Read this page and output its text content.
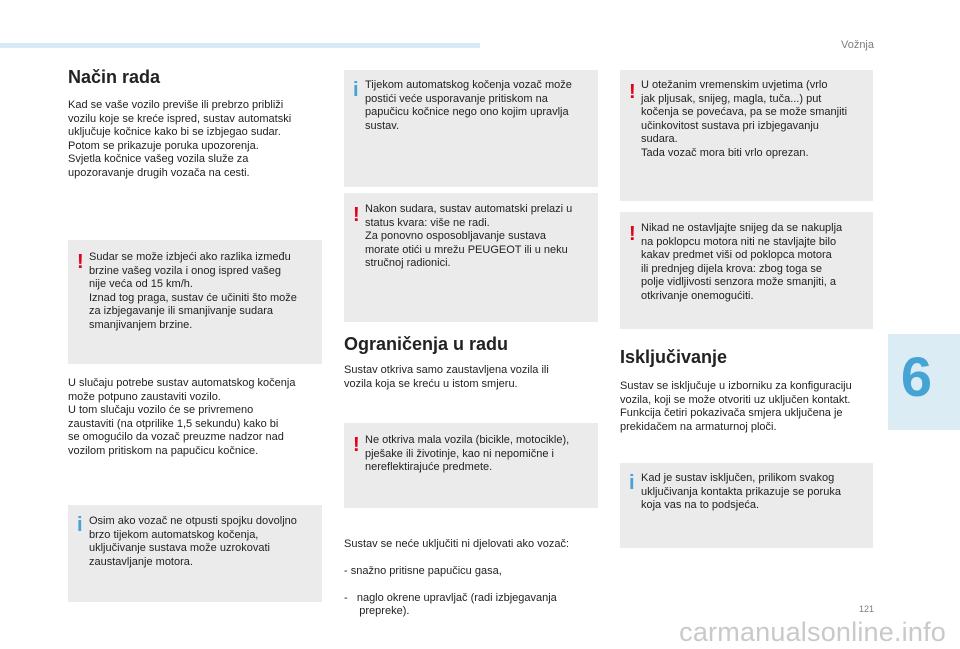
Vožnja
6
Način rada

Kad se vaše vozilo previše ili prebrzo približi
vozilu koje se kreće ispred, sustav automatski
uključuje kočnice kako bi se izbjegao sudar.
Potom se prikazuje poruka upozorenja.
Svjetla kočnice vašeg vozila služe za
upozoravanje drugih vozača na cesti.

! Sudar se može izbjeći ako razlika između
brzine vašeg vozila i onog ispred vašeg
nije veća od 15 km/h.
Iznad tog praga, sustav će učiniti što može
za izbjegavanje ili smanjivanje sudara
smanjivanjem brzine.

U slučaju potrebe sustav automatskog kočenja
može potpuno zaustaviti vozilo.
U tom slučaju vozilo će se privremeno
zaustaviti (na otprilike 1,5 sekundu) kako bi
se omogućilo da vozač preuzme nadzor nad
vozilom pritiskom na papučicu kočnice.

i Osim ako vozač ne otpusti spojku dovoljno
brzo tijekom automatskog kočenja,
uključivanje sustava može uzrokovati
zaustavljanje motora.

i Tijekom automatskog kočenja vozač može
postići veće usporavanje pritiskom na
papučicu kočnice nego ono kojim upravlja
sustav.

! Nakon sudara, sustav automatski prelazi u
status kvara: više ne radi.
Za ponovno osposobljavanje sustava
morate otići u mrežu PEUGEOT ili u neku
stručnoj radionici.

Ograničenja u radu

Sustav otkriva samo zaustavljena vozila ili
vozila koja se kreću u istom smjeru.

! Ne otkriva mala vozila (bicikle, motocikle),
pješake ili životinje, kao ni nepomične i
nereflektirajuće predmete.

Sustav se neće uključiti ni djelovati ako vozač:

- snažno pritisne papučicu gasa,

-   naglo okrene upravljač (radi izbjegavanja
prepreke).

! U otežanim vremenskim uvjetima (vrlo
jak pljusak, snijeg, magla, tuča...) put
kočenja se povećava, pa se može smanjiti
učinkovitost sustava pri izbjegavanju
sudara.
Tada vozač mora biti vrlo oprezan.

! Nikad ne ostavljajte snijeg da se nakuplja
na poklopcu motora niti ne stavljajte bilo
kakav predmet viši od poklopca motora
ili prednjeg dijela krova: zbog toga se
polje vidljivosti senzora može smanjiti, a
otkrivanje onemogućiti.

Isključivanje

Sustav se isključuje u izborniku za konfiguraciju
vozila, koji se može otvoriti uz uključen kontakt.
Funkcija četiri pokazivača smjera uključena je
prekidačem na armaturnoj ploči.

i Kad je sustav isključen, prilikom svakog
uključivanja kontakta prikazuje se poruka
koja vas na to podsjeća.

121
carmanualsonline.info
